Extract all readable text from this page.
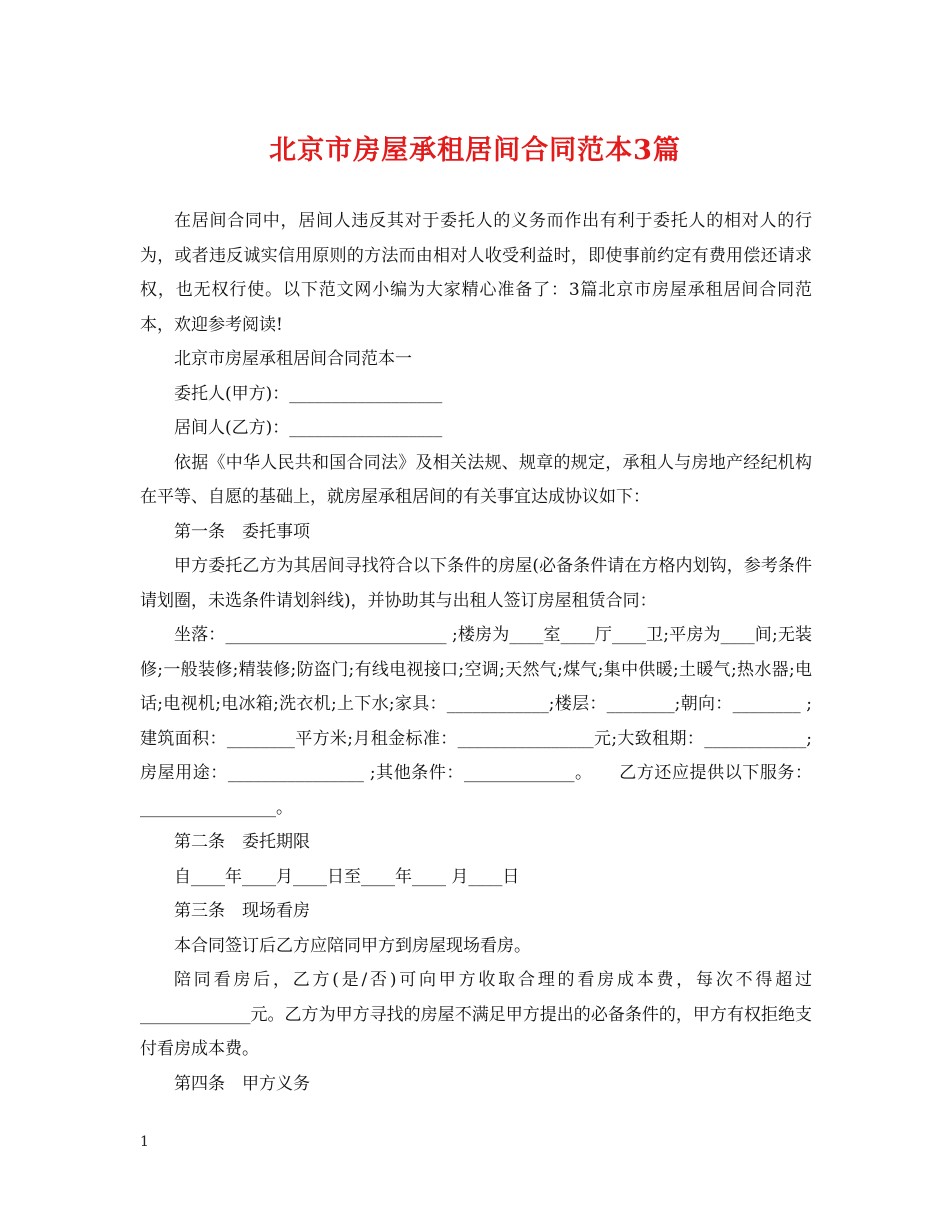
北京市房屋承租居间合同范本3篇

在居间合同中，居间人违反其对于委托人的义务而作出有利于委托人的相对人的行为，或者违反诚实信用原则的方法而由相对人收受利益时，即使事前约定有费用偿还请求权，也无权行使。以下范文网小编为大家精心准备了：3篇北京市房屋承租居间合同范本，欢迎参考阅读!

北京市房屋承租居间合同范本一

委托人(甲方)：__________________

居间人(乙方)：__________________

依据《中华人民共和国合同法》及相关法规、规章的规定，承租人与房地产经纪机构在平等、自愿的基础上，就房屋承租居间的有关事宜达成协议如下：

第一条　委托事项

甲方委托乙方为其居间寻找符合以下条件的房屋(必备条件请在方格内划钩，参考条件请划圈，未选条件请划斜线)，并协助其与出租人签订房屋租赁合同：

坐落：__________________________ ;楼房为____室____厅____卫;平房为____间;无装修;一般装修;精装修;防盗门;有线电视接口;空调;天然气;煤气;集中供暖;土暖气;热水器;电话;电视机;电冰箱;洗衣机;上下水;家具：____________;楼层：________;朝向：________ ;建筑面积：________平方米;月租金标准：________________元;大致租期：____________;房屋用途：________________ ;其他条件：_____________。　　乙方还应提供以下服务：________________。

第二条　委托期限

自____年____月____日至____年____ 月____日

第三条　现场看房

本合同签订后乙方应陪同甲方到房屋现场看房。

陪同看房后，乙方(是/否)可向甲方收取合理的看房成本费，每次不得超过_____________元。乙方为甲方寻找的房屋不满足甲方提出的必备条件的，甲方有权拒绝支付看房成本费。

第四条　甲方义务

1
